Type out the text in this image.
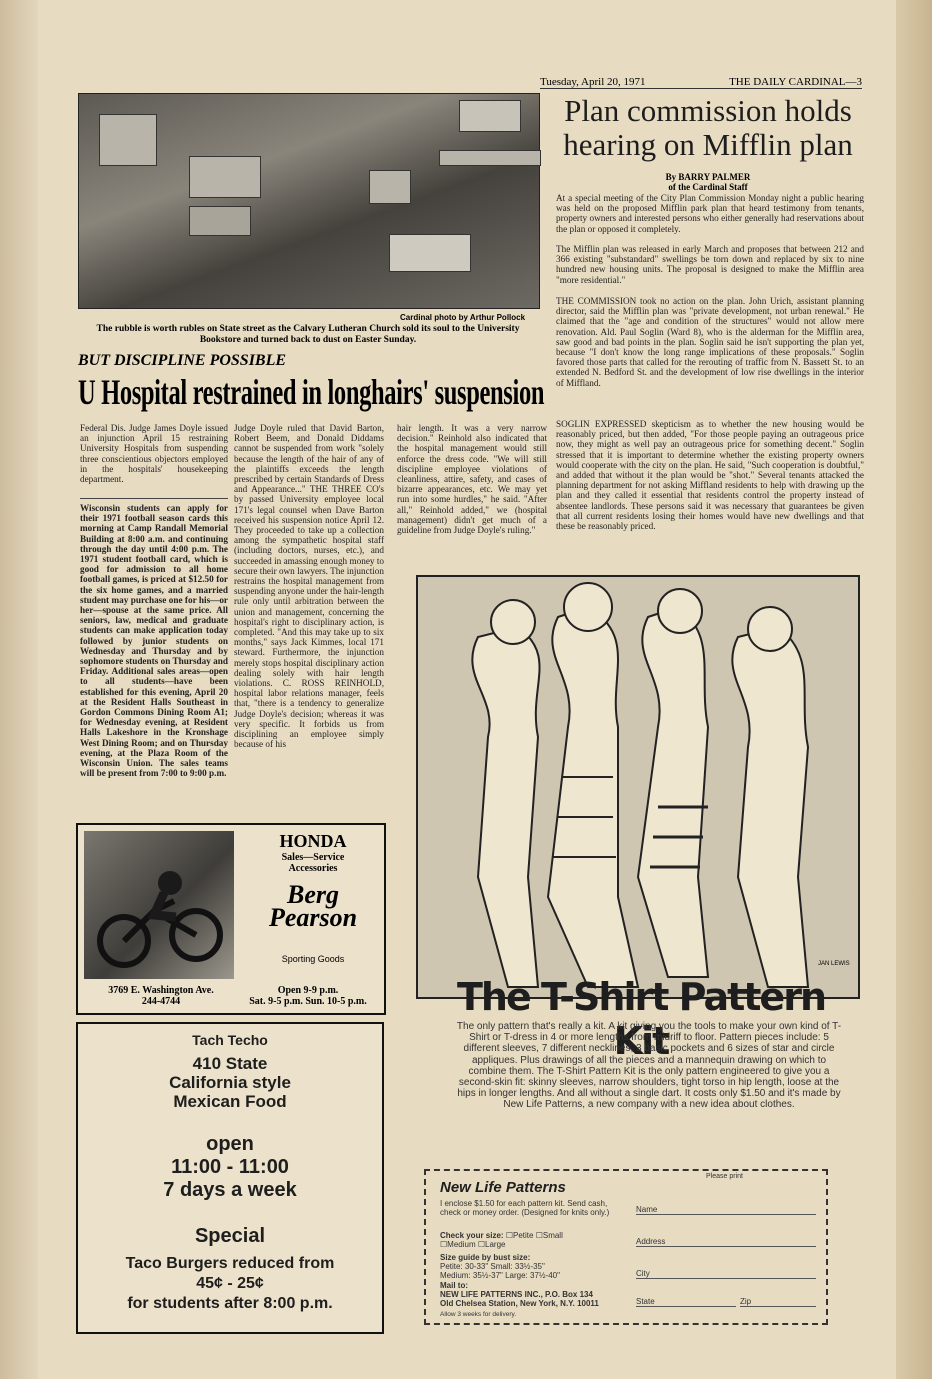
Tuesday, April 20, 1971	THE DAILY CARDINAL—3
Cardinal photo by Arthur Pollock
The rubble is worth rubles on State street as the Calvary Lutheran Church sold its soul to the University Bookstore and turned back to dust on Easter Sunday.
BUT DISCIPLINE POSSIBLE
U Hospital restrained in longhairs' suspension
Federal Dis. Judge James Doyle issued an injunction April 15 restraining University Hospitals from suspending three conscientious objectors employed in the hospitals' housekeeping department.
Wisconsin students can apply for their 1971 football season cards this morning at Camp Randall Memorial Building at 8:00 a.m. and continuing through the day until 4:00 p.m. The 1971 student football card, which is good for admission to all home football games, is priced at $12.50 for the six home games, and a married student may purchase one for his—or her—spouse at the same price. All seniors, law, medical and graduate students can make application today followed by junior students on Wednesday and Thursday and by sophomore students on Thursday and Friday. Additional sales areas—open to all students—have been established for this evening, April 20 at the Resident Halls Southeast in Gordon Commons Dining Room A1; for Wednesday evening, at Resident Halls Lakeshore in the Kronshage West Dining Room; and on Thursday evening, at the Plaza Room of the Wisconsin Union. The sales teams will be present from 7:00 to 9:00 p.m.
Judge Doyle ruled that David Barton, Robert Beem, and Donald Diddams cannot be suspended from work "solely because the length of the hair of any of the plaintiffs exceeds the length prescribed by certain Standards of Dress and Appearance..." THE THREE CO's by passed University employee local 171's legal counsel when Dave Barton received his suspension notice April 12. They proceeded to take up a collection among the sympathetic hospital staff (including doctors, nurses, etc.), and succeeded in amassing enough money to secure their own lawyers. The injunction restrains the hospital management from suspending anyone under the hair-length rule only until arbitration between the union and management, concerning the hospital's right to disciplinary action, is completed. "And this may take up to six months," says Jack Kimmes, local 171 steward. Furthermore, the injunction merely stops hospital disciplinary action dealing solely with hair length violations. C. ROSS REINHOLD, hospital labor relations manager, feels that, "there is a tendency to generalize Judge Doyle's decision; whereas it was very specific. It forbids us from disciplining an employee simply because of his
hair length. It was a very narrow decision." Reinhold also indicated that the hospital management would still enforce the dress code. "We will still discipline employee violations of cleanliness, attire, safety, and cases of bizarre appearances, etc. We may yet run into some hurdles," he said. "After all," Reinhold added," we (hospital management) didn't get much of a guideline from Judge Doyle's ruling."
Plan commission holds hearing on Mifflin plan
By BARRY PALMER
of the Cardinal Staff
At a special meeting of the City Plan Commission Monday night a public hearing was held on the proposed Mifflin park plan that heard testimony from tenants, property owners and interested persons who either generally had reservations about the plan or opposed it completely.
The Mifflin plan was released in early March and proposes that between 212 and 366 existing "substandard" swellings be torn down and replaced by six to nine hundred new housing units. The proposal is designed to make the Mifflin area "more residential."
THE COMMISSION took no action on the plan. John Urich, assistant planning director, said the Mifflin plan was "private development, not urban renewal." He claimed that the "age and condition of the structures" would not allow mere renovation. Ald. Paul Soglin (Ward 8), who is the alderman for the Mifflin area, saw good and bad points in the plan. Soglin said he isn't supporting the plan yet, because "I don't know the long range implications of these proposals." Soglin favored those parts that called for the rerouting of traffic from N. Bassett St. to an extended N. Bedford St. and the development of low rise dwellings in the interior of Miffland.
SOGLIN EXPRESSED skepticism as to whether the new housing would be reasonably priced, but then added, "For those people paying an outrageous price now, they might as well pay an outrageous price for something decent." Soglin stressed that it is important to determine whether the existing property owners would cooperate with the city on the plan. He said, "Such cooperation is doubtful," and added that without it the plan would be "shot." Several tenants attacked the planning department for not asking Miffland residents to help with drawing up the plan and they called it essential that residents control the property instead of absentee landlords. These persons said it was necessary that guarantees be given that all current residents losing their homes would have new dwellings and that these be reasonably priced.
HONDA
Sales—Service
Accessories
Berg
Pearson
Sporting Goods
3769 E. Washington Ave.
244-4744
Open 9-9 p.m.
Sat. 9-5 p.m. Sun. 10-5 p.m.
Tach Techo
410 State
California style
Mexican Food
open
11:00 - 11:00
7 days a week
Special
Taco Burgers reduced from
45¢ - 25¢
for students after 8:00 p.m.
JAN LEWIS
The T-Shirt Pattern Kit
The only pattern that's really a kit. A kit giving you the tools to make your own kind of T-Shirt or T-dress in 4 or more lengths from midriff to floor. Pattern pieces include: 5 different sleeves, 7 different necklines, 3 basic pockets and 6 sizes of star and circle appliques. Plus drawings of all the pieces and a mannequin drawing on which to combine them. The T-Shirt Pattern Kit is the only pattern engineered to give you a second-skin fit: skinny sleeves, narrow shoulders, tight torso in hip length, loose at the hips in longer lengths. And all without a single dart. It costs only $1.50 and it's made by New Life Patterns, a new company with a new idea about clothes.
New Life Patterns
Please print
I enclose $1.50 for each pattern kit. Send cash, check or money order. (Designed for knits only.)
Check your size: ☐Petite ☐Small
☐Medium ☐Large
Size guide by bust size:
Petite: 30-33" Small: 33½-35"
Medium: 35½-37" Large: 37½-40"
Mail to:
NEW LIFE PATTERNS INC., P.O. Box 134
Old Chelsea Station, New York, N.Y. 10011
Name
Address
City
State	Zip
Allow 3 weeks for delivery.
